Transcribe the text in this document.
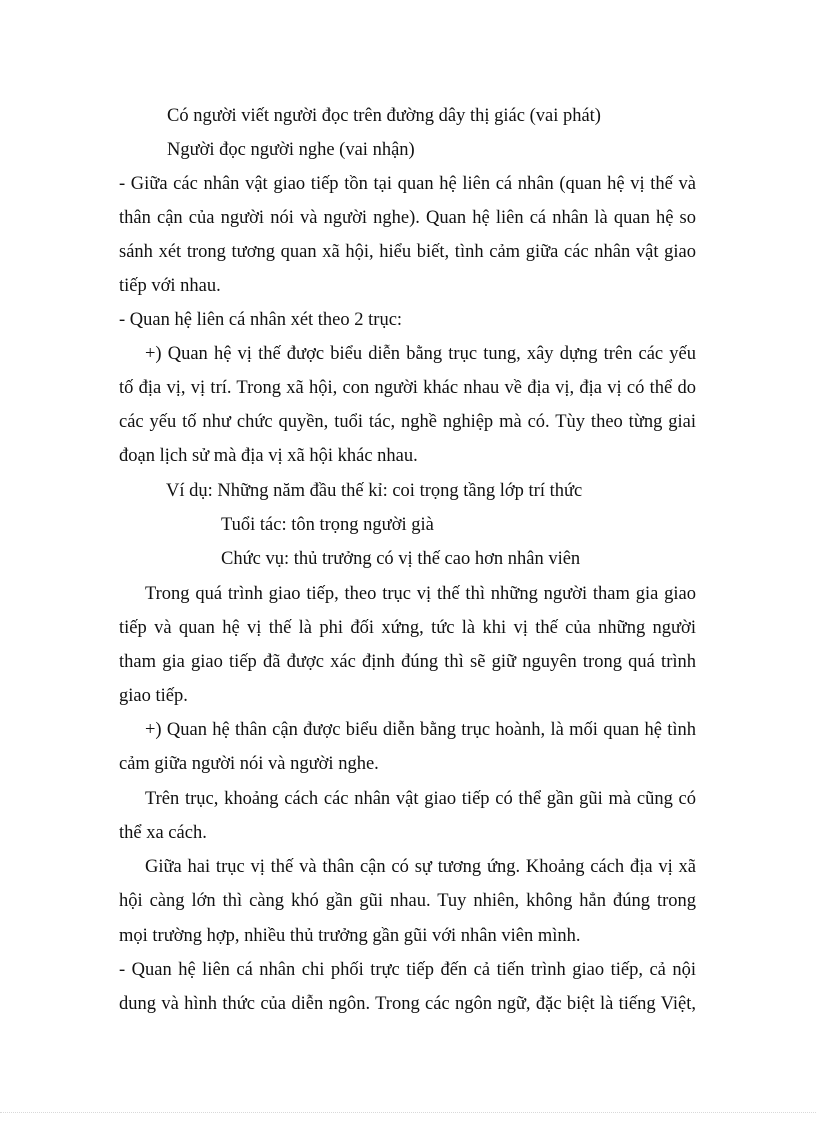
Có người viết người đọc trên đường dây thị giác (vai phát)
Người đọc người nghe (vai nhận)
- Giữa các nhân vật giao tiếp tồn tại quan hệ liên cá nhân (quan hệ vị thế và
thân cận của người nói và người nghe). Quan hệ liên cá nhân là quan hệ so
sánh xét trong tương quan xã hội, hiểu biết, tình cảm giữa các nhân vật giao
tiếp với nhau.
- Quan hệ liên cá nhân xét theo 2 trục:
+) Quan hệ vị thế được biểu diễn bằng trục tung, xây dựng trên các yếu
tố địa vị, vị trí. Trong xã hội, con người khác nhau về địa vị, địa vị có thể do
các yếu tố như chức quyền, tuổi tác, nghề nghiệp mà có. Tùy theo từng giai
đoạn lịch sử mà địa vị xã hội khác nhau.
Ví dụ: Những năm đầu thế kỉ: coi trọng tầng lớp trí thức
Tuổi tác: tôn trọng người già
Chức vụ: thủ trưởng có vị thế cao hơn nhân viên
Trong quá trình giao tiếp, theo trục vị thế thì những người tham gia giao
tiếp và quan hệ vị thế là phi đối xứng, tức là khi vị thế của những người
tham gia giao tiếp đã được xác định đúng thì sẽ giữ nguyên trong quá trình
giao tiếp.
+) Quan hệ thân cận được biểu diễn bằng trục hoành, là mối quan hệ tình
cảm giữa người nói và người nghe.
Trên trục, khoảng cách các nhân vật giao tiếp có thể gần gũi mà cũng có
thể xa cách.
Giữa hai trục vị thế và thân cận có sự tương ứng. Khoảng cách địa vị xã
hội càng lớn thì càng khó gần gũi nhau. Tuy nhiên, không hẳn đúng trong
mọi trường hợp, nhiều thủ trưởng gần gũi với nhân viên mình.
- Quan hệ liên cá nhân chi phối trực tiếp đến cả tiến trình giao tiếp, cả nội
dung và hình thức của diễn ngôn. Trong các ngôn ngữ, đặc biệt là tiếng Việt,
